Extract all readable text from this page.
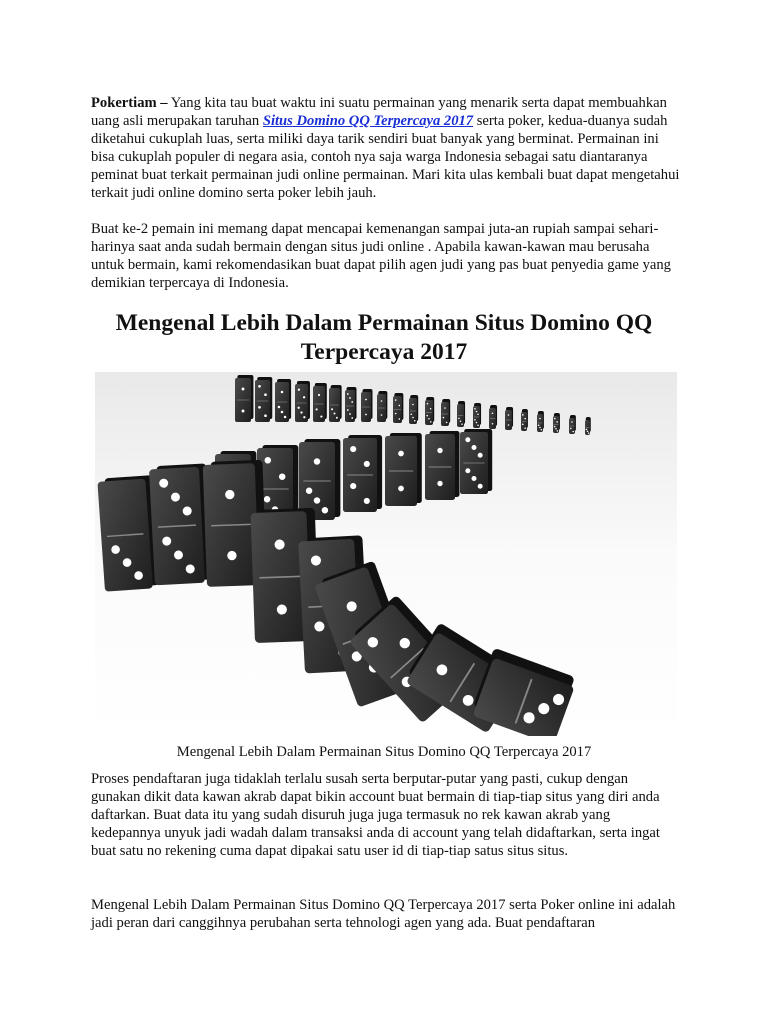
Pokertiam – Yang kita tau buat waktu ini suatu permainan yang menarik serta dapat membuahkan uang asli merupakan taruhan Situs Domino QQ Terpercaya 2017 serta poker, kedua-duanya sudah diketahui cukuplah luas, serta miliki daya tarik sendiri buat banyak yang berminat. Permainan ini bisa cukuplah populer di negara asia, contoh nya saja warga Indonesia sebagai satu diantaranya peminat buat terkait permainan judi online permainan. Mari kita ulas kembali buat dapat mengetahui terkait judi online domino serta poker lebih jauh.

Buat ke-2 pemain ini memang dapat mencapai kemenangan sampai juta-an rupiah sampai sehari-harinya saat anda sudah bermain dengan situs judi online . Apabila kawan-kawan mau berusaha untuk bermain, kami rekomendasikan buat dapat pilih agen judi yang pas buat penyedia game yang demikian terpercaya di Indonesia.

Mengenal Lebih Dalam Permainan Situs Domino QQ Terpercaya 2017

Mengenal Lebih Dalam Permainan Situs Domino QQ Terpercaya 2017

Proses pendaftaran juga tidaklah terlalu susah serta berputar-putar yang pasti, cukup dengan gunakan dikit data kawan akrab dapat bikin account buat bermain di tiap-tiap situs yang diri anda daftarkan. Buat data itu yang sudah disuruh juga juga termasuk no rek kawan akrab yang kedepannya unyuk jadi wadah dalam transaksi anda di account yang telah didaftarkan, serta ingat buat satu no rekening cuma dapat dipakai satu user id di tiap-tiap satus situs situs.

Mengenal Lebih Dalam Permainan Situs Domino QQ Terpercaya 2017 serta Poker online ini adalah jadi peran dari canggihnya perubahan serta tehnologi agen yang ada. Buat pendaftaran
